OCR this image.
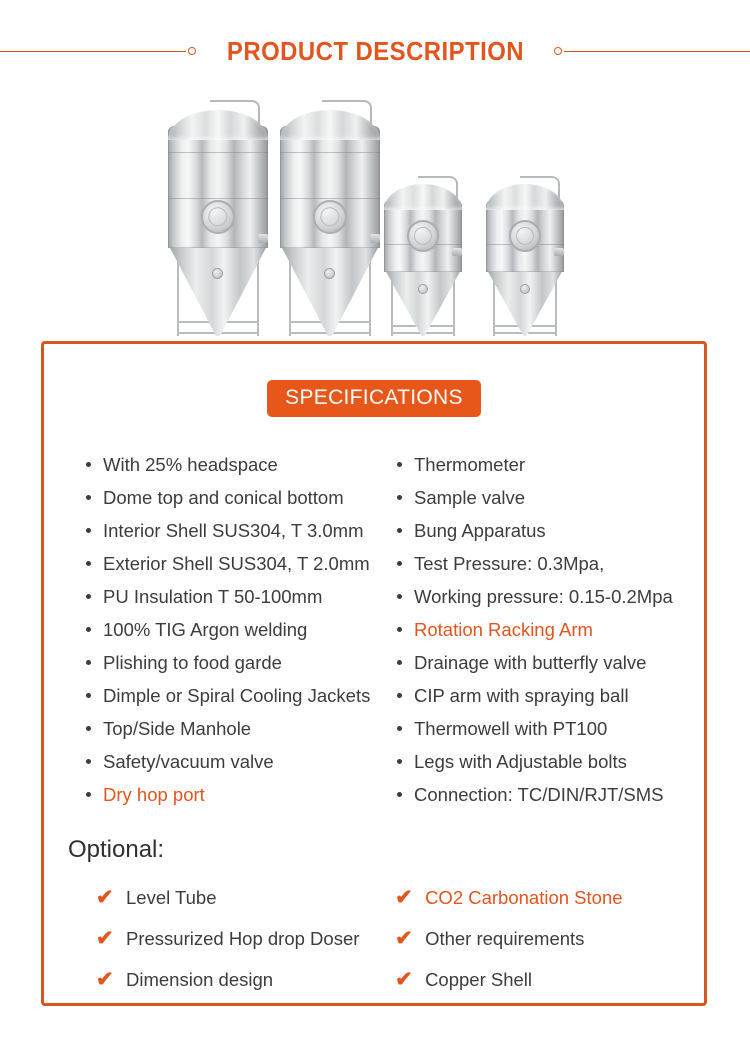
PRODUCT DESCRIPTION
SPECIFICATIONS
With 25% headspace
Dome top and conical bottom
Interior Shell SUS304, T 3.0mm
Exterior Shell SUS304, T 2.0mm
PU Insulation T 50-100mm
100% TIG Argon welding
Plishing to food garde
Dimple or Spiral Cooling Jackets
Top/Side Manhole
Safety/vacuum valve
Dry hop port
Thermometer
Sample valve
Bung Apparatus
Test Pressure: 0.3Mpa,
Working pressure: 0.15-0.2Mpa
Rotation Racking Arm
Drainage with butterfly valve
CIP arm with spraying ball
Thermowell with PT100
Legs with Adjustable bolts
Connection: TC/DIN/RJT/SMS
Optional:
✔ Level Tube
✔ Pressurized Hop drop Doser
✔ Dimension design
✔ CO2 Carbonation Stone
✔ Other requirements
✔ Copper Shell
